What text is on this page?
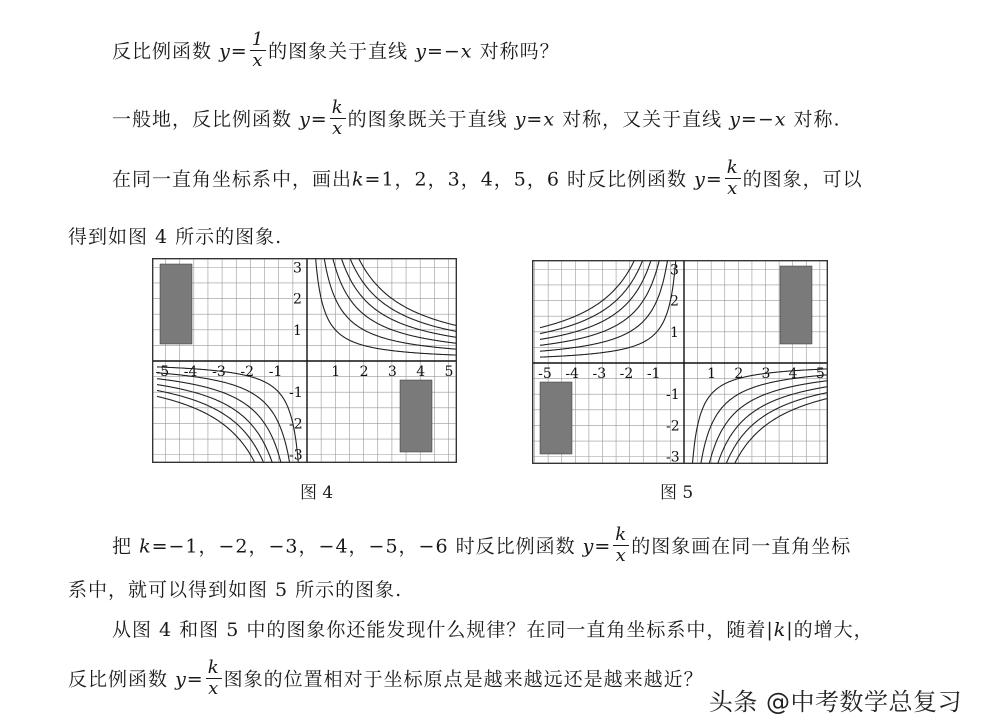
反比例函数 $y= \frac{1}{x}$ 的图象关于直线 y=−x 对称吗？
一般地，反比例函数 $y= \frac{k}{x}$ 的图象既关于直线 y=x 对称，又关于直线 y=−x 对称.
在同一直角坐标系中，画出k=1，2，3，4，5，6 时反比例函数 $y= \frac{k}{x}$ 的图象，可以
得到如图 4 所示的图象.
-5 -4 -3 -2 -1	1 2 3 4 5
3
2
1
-1
-2
-3
图 4
-5 -4 -3 -2 -1	1 2 3 4 5
3
2
1
-1
-2
-3
图 5
把 k=−1，−2，−3，−4，−5，−6 时反比例函数 $y= \frac{k}{x}$ 的图象画在同一直角坐标
系中，就可以得到如图 5 所示的图象.
从图 4 和图 5 中的图象你还能发现什么规律？在同一直角坐标系中，随着|k|的增大，
反比例函数 $y= \frac{k}{x}$ 图象的位置相对于坐标原点是越来越远还是越来越近？
头条 @中考数学总复习
